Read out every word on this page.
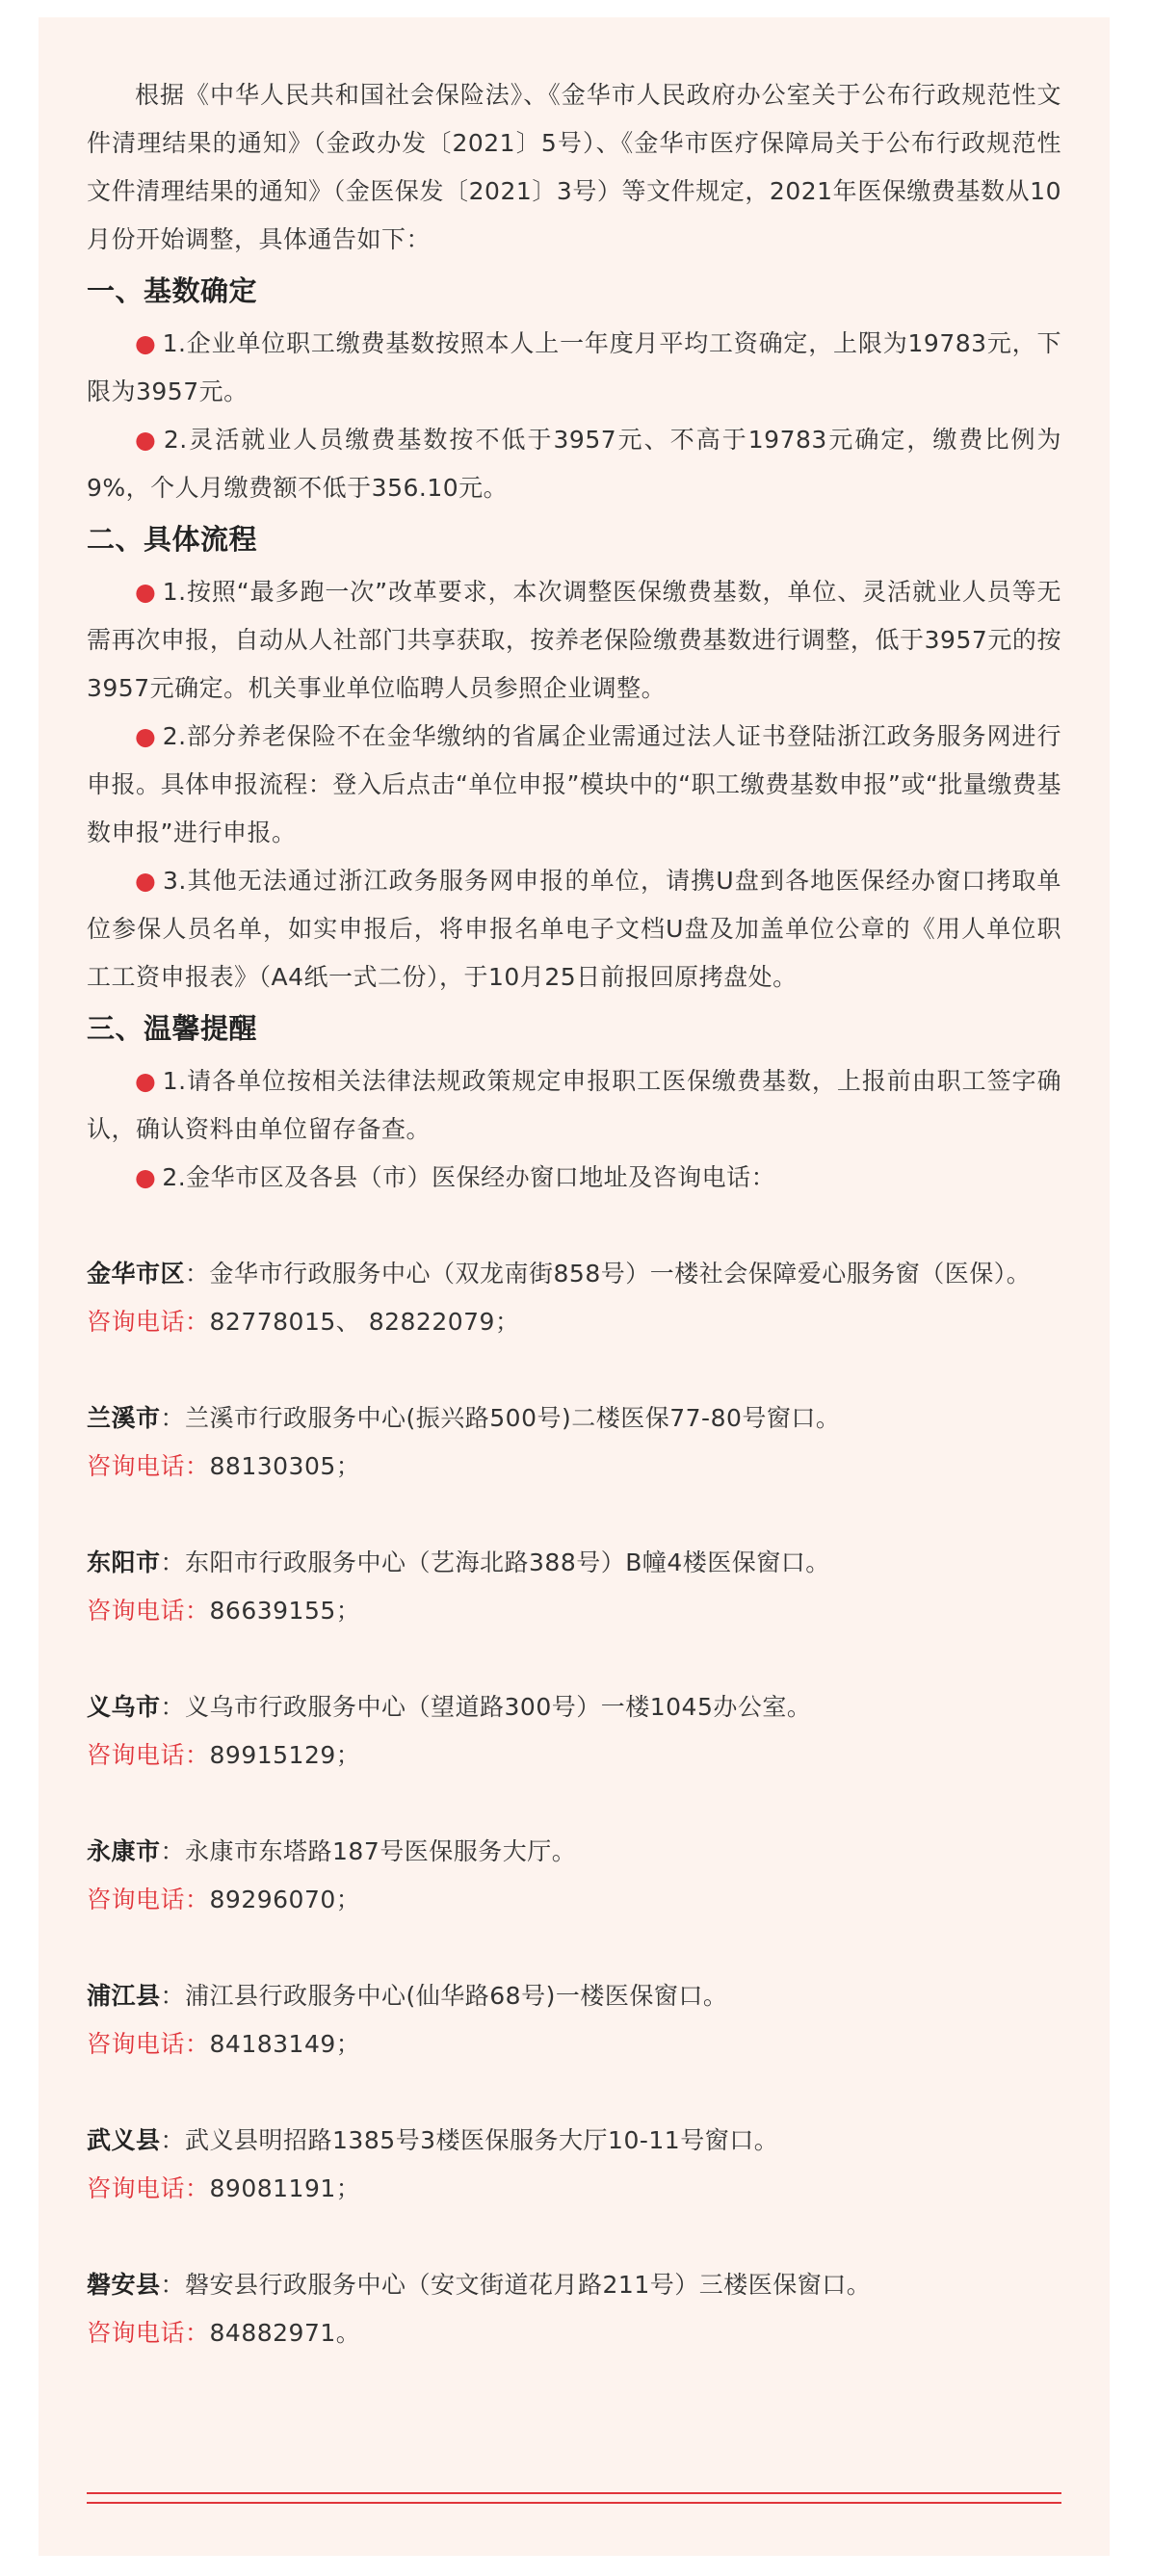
根据《中华人民共和国社会保险法》、《金华市人民政府办公室关于公布行政规范性文件清理结果的通知》（金政办发〔2021〕5号）、《金华市医疗保障局关于公布行政规范性文件清理结果的通知》（金医保发〔2021〕3号）等文件规定，2021年医保缴费基数从10月份开始调整，具体通告如下：

一、基数确定

● 1.企业单位职工缴费基数按照本人上一年度月平均工资确定，上限为19783元，下限为3957元。

● 2.灵活就业人员缴费基数按不低于3957元、不高于19783元确定，缴费比例为9%，个人月缴费额不低于356.10元。

二、具体流程

● 1.按照“最多跑一次”改革要求，本次调整医保缴费基数，单位、灵活就业人员等无需再次申报，自动从人社部门共享获取，按养老保险缴费基数进行调整，低于3957元的按3957元确定。机关事业单位临聘人员参照企业调整。

● 2.部分养老保险不在金华缴纳的省属企业需通过法人证书登陆浙江政务服务网进行申报。具体申报流程：登入后点击“单位申报”模块中的“职工缴费基数申报”或“批量缴费基数申报”进行申报。

● 3.其他无法通过浙江政务服务网申报的单位，请携U盘到各地医保经办窗口拷取单位参保人员名单，如实申报后，将申报名单电子文档U盘及加盖单位公章的《用人单位职工工资申报表》（A4纸一式二份），于10月25日前报回原拷盘处。

三、温馨提醒

● 1.请各单位按相关法律法规政策规定申报职工医保缴费基数，上报前由职工签字确认，确认资料由单位留存备查。

● 2.金华市区及各县（市）医保经办窗口地址及咨询电话：

金华市区：金华市行政服务中心（双龙南街858号）一楼社会保障爱心服务窗（医保）。

咨询电话：82778015、 82822079；

兰溪市：兰溪市行政服务中心(振兴路500号)二楼医保77-80号窗口。

咨询电话：88130305；

东阳市：东阳市行政服务中心（艺海北路388号）B幢4楼医保窗口。

咨询电话：86639155；

义乌市：义乌市行政服务中心（望道路300号）一楼1045办公室。

咨询电话：89915129；

永康市：永康市东塔路187号医保服务大厅。

咨询电话：89296070；

浦江县：浦江县行政服务中心(仙华路68号)一楼医保窗口。

咨询电话：84183149；

武义县：武义县明招路1385号3楼医保服务大厅10-11号窗口。

咨询电话：89081191；

磐安县：磐安县行政服务中心（安文街道花月路211号）三楼医保窗口。

咨询电话：84882971。
